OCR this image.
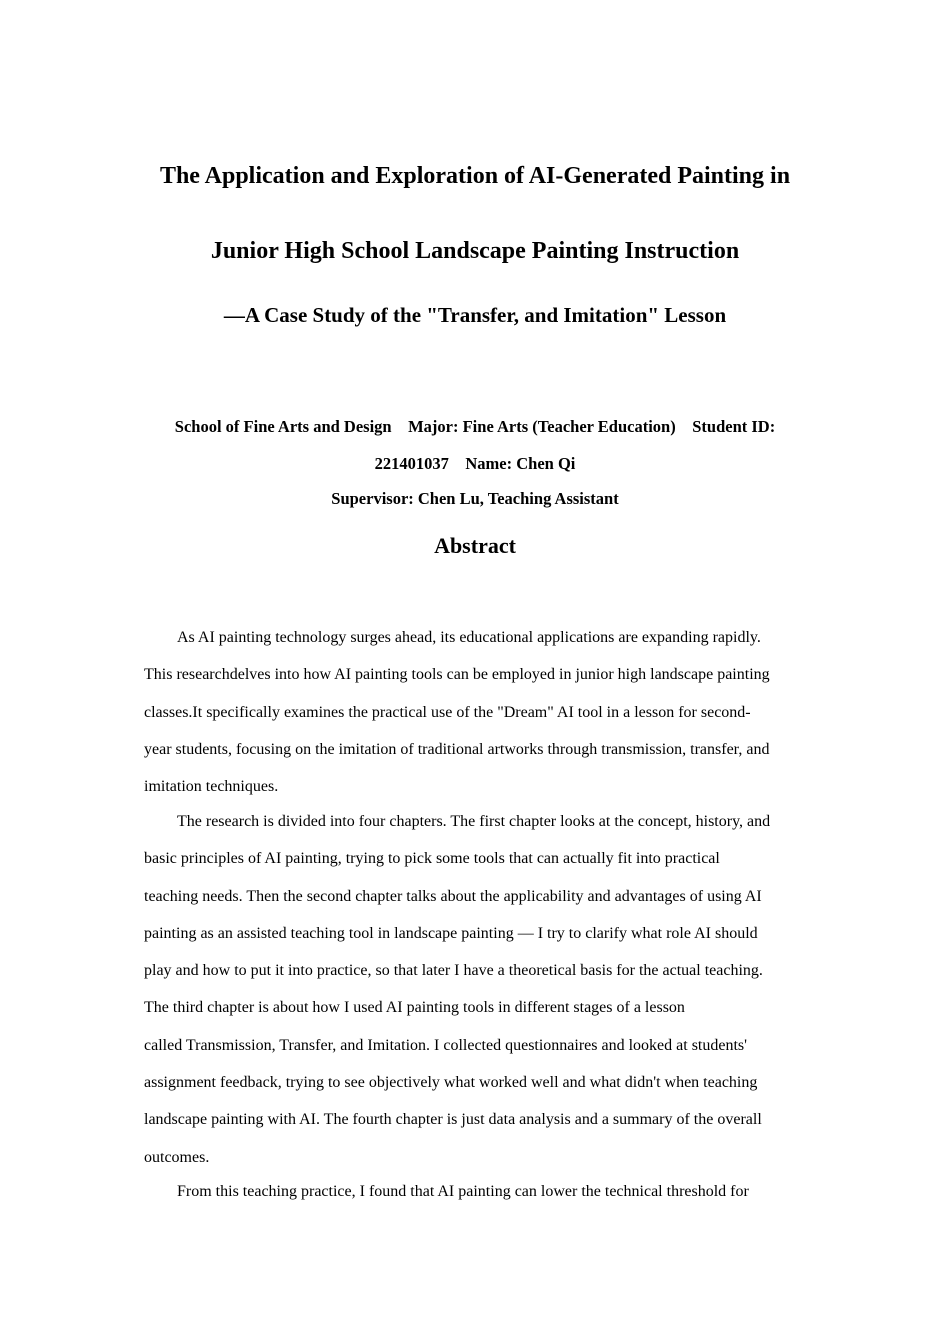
The Application and Exploration of AI-Generated Painting in
Junior High School Landscape Painting Instruction
—A Case Study of the "Transfer, and Imitation" Lesson
School of Fine Arts and Design    Major: Fine Arts (Teacher Education)    Student ID:
221401037    Name: Chen Qi
Supervisor: Chen Lu, Teaching Assistant
Abstract
As AI painting technology surges ahead, its educational applications are expanding rapidly.
This researchdelves into how AI painting tools can be employed in junior high landscape painting
classes.It specifically examines the practical use of the "Dream" AI tool in a lesson for second-
year students, focusing on the imitation of traditional artworks through transmission, transfer, and
imitation techniques.
The research is divided into four chapters. The first chapter looks at the concept, history, and
basic principles of AI painting, trying to pick some tools that can actually fit into practical
teaching needs. Then the second chapter talks about the applicability and advantages of using AI
painting as an assisted teaching tool in landscape painting — I try to clarify what role AI should
play and how to put it into practice, so that later I have a theoretical basis for the actual teaching.
The third chapter is about how I used AI painting tools in different stages of a lesson
called Transmission, Transfer, and Imitation. I collected questionnaires and looked at students'
assignment feedback, trying to see objectively what worked well and what didn't when teaching
landscape painting with AI. The fourth chapter is just data analysis and a summary of the overall
outcomes.
From this teaching practice, I found that AI painting can lower the technical threshold for
